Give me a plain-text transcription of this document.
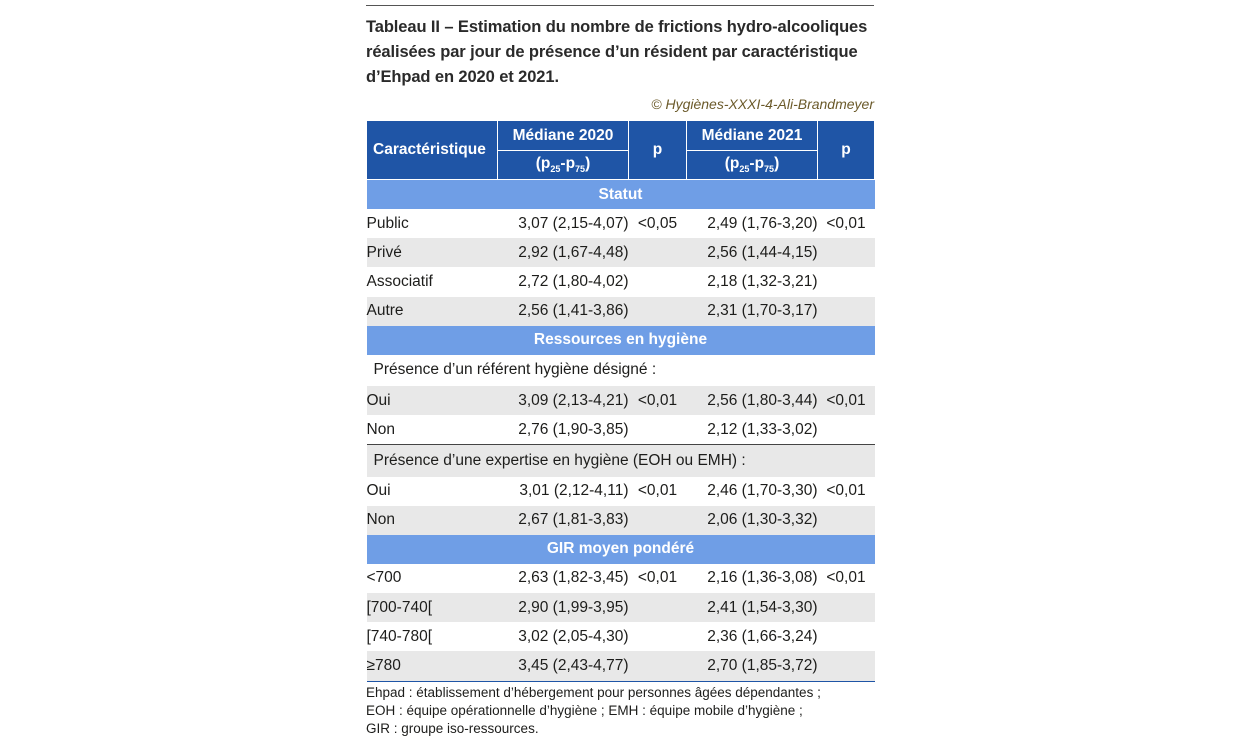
Tableau II – Estimation du nombre de frictions hydro-alcooliques réalisées par jour de présence d’un résident par caractéristique d’Ehpad en 2020 et 2021.
© Hygiènes-XXXI-4-Ali-Brandmeyer
Caractéristique	Médiane 2020	p	Médiane 2021	p
	$(p_{25}-p_{75})$		$(p_{25}-p_{75})$	
Statut				
Public	3,07 (2,15-4,07)	<0,05	2,49 (1,76-3,20)	<0,01
Privé	2,92 (1,67-4,48)		2,56 (1,44-4,15)	
Associatif	2,72 (1,80-4,02)		2,18 (1,32-3,21)	
Autre	2,56 (1,41-3,86)		2,31 (1,70-3,17)	
Ressources en hygiène				
Présence d’un référent hygiène désigné :				
Oui	3,09 (2,13-4,21)	<0,01	2,56 (1,80-3,44)	<0,01
Non	2,76 (1,90-3,85)		2,12 (1,33-3,02)	
Présence d’une expertise en hygiène (EOH ou EMH) :				
Oui	3,01 (2,12-4,11)	<0,01	2,46 (1,70-3,30)	<0,01
Non	2,67 (1,81-3,83)		2,06 (1,30-3,32)	
GIR moyen pondéré				
<700	2,63 (1,82-3,45)	<0,01	2,16 (1,36-3,08)	<0,01
[700-740[	2,90 (1,99-3,95)		2,41 (1,54-3,30)	
[740-780[	3,02 (2,05-4,30)		2,36 (1,66-3,24)	
≥780	3,45 (2,43-4,77)		2,70 (1,85-3,72)	
Ehpad : établissement d’hébergement pour personnes âgées dépendantes ;
EOH : équipe opérationnelle d’hygiène ; EMH : équipe mobile d’hygiène ;
GIR : groupe iso-ressources.
